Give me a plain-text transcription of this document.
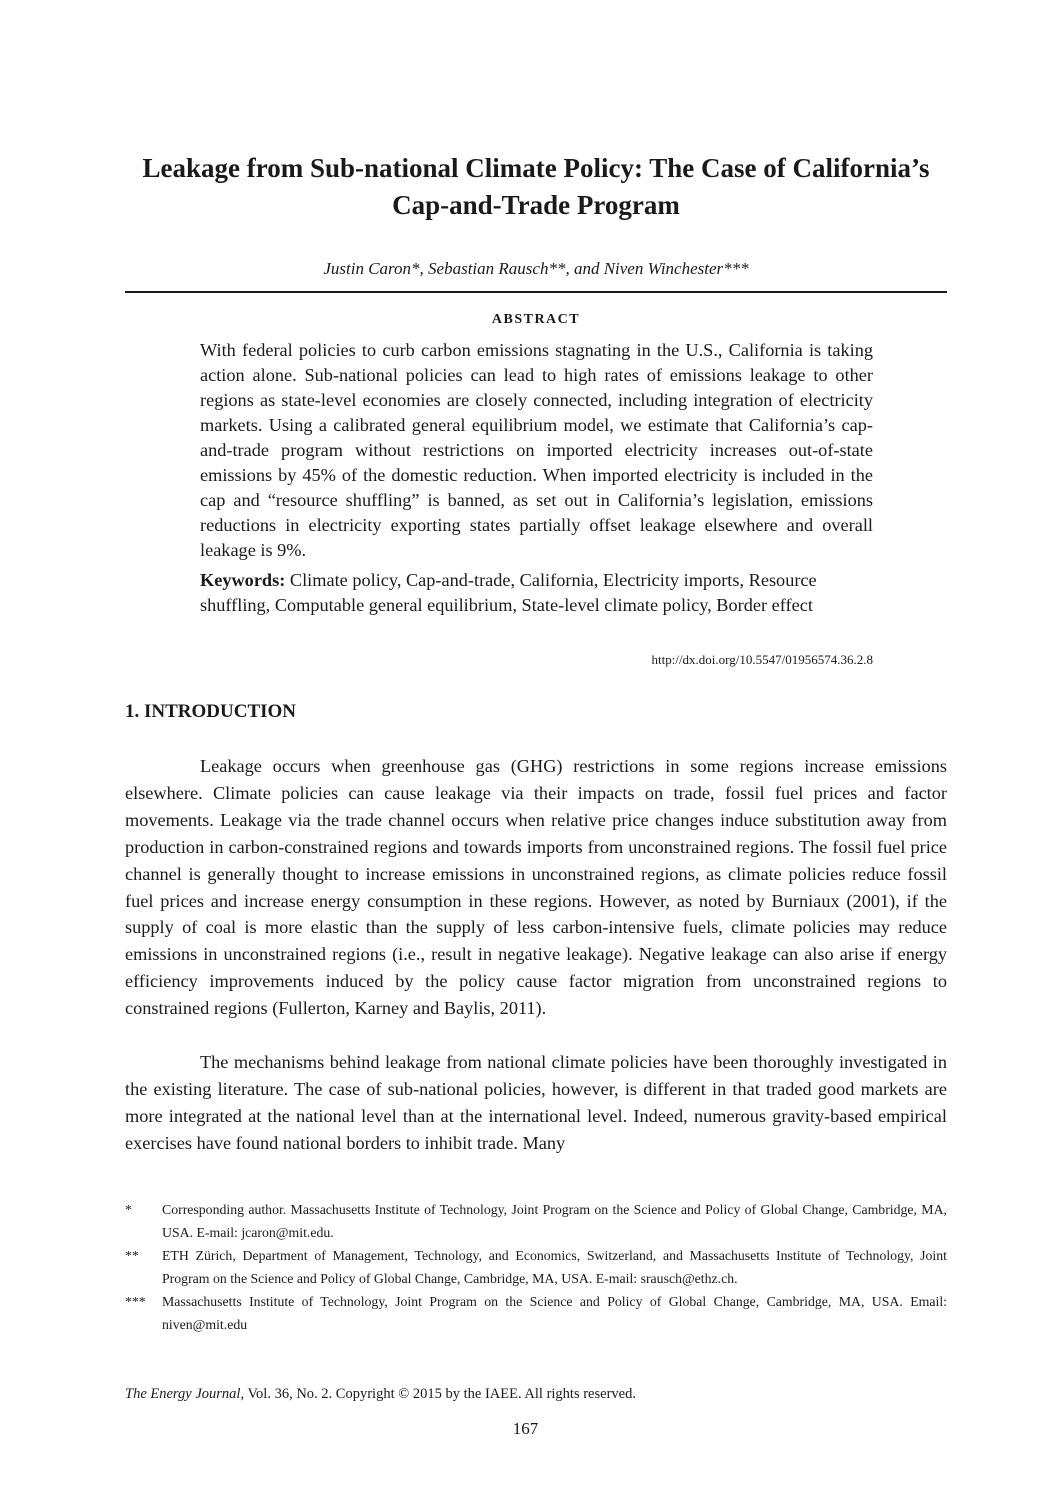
Leakage from Sub-national Climate Policy: The Case of California’s Cap-and-Trade Program
Justin Caron*, Sebastian Rausch**, and Niven Winchester***
ABSTRACT

With federal policies to curb carbon emissions stagnating in the U.S., California is taking action alone. Sub-national policies can lead to high rates of emissions leakage to other regions as state-level economies are closely connected, including integration of electricity markets. Using a calibrated general equilibrium model, we estimate that California’s cap-and-trade program without restrictions on imported electricity increases out-of-state emissions by 45% of the domestic reduction. When imported electricity is included in the cap and “resource shuffling” is banned, as set out in California’s legislation, emissions reductions in electricity exporting states partially offset leakage elsewhere and overall leakage is 9%.

Keywords: Climate policy, Cap-and-trade, California, Electricity imports, Resource shuffling, Computable general equilibrium, State-level climate policy, Border effect

http://dx.doi.org/10.5547/01956574.36.2.8
1. INTRODUCTION

Leakage occurs when greenhouse gas (GHG) restrictions in some regions increase emissions elsewhere. Climate policies can cause leakage via their impacts on trade, fossil fuel prices and factor movements. Leakage via the trade channel occurs when relative price changes induce substitution away from production in carbon-constrained regions and towards imports from unconstrained regions. The fossil fuel price channel is generally thought to increase emissions in unconstrained regions, as climate policies reduce fossil fuel prices and increase energy consumption in these regions. However, as noted by Burniaux (2001), if the supply of coal is more elastic than the supply of less carbon-intensive fuels, climate policies may reduce emissions in unconstrained regions (i.e., result in negative leakage). Negative leakage can also arise if energy efficiency improvements induced by the policy cause factor migration from unconstrained regions to constrained regions (Fullerton, Karney and Baylis, 2011).

The mechanisms behind leakage from national climate policies have been thoroughly investigated in the existing literature. The case of sub-national policies, however, is different in that traded good markets are more integrated at the national level than at the international level. Indeed, numerous gravity-based empirical exercises have found national borders to inhibit trade. Many

*	Corresponding author. Massachusetts Institute of Technology, Joint Program on the Science and Policy of Global Change, Cambridge, MA, USA. E-mail: jcaron@mit.edu.
**	ETH Zürich, Department of Management, Technology, and Economics, Switzerland, and Massachusetts Institute of Technology, Joint Program on the Science and Policy of Global Change, Cambridge, MA, USA. E-mail: srausch@ethz.ch.
***	Massachusetts Institute of Technology, Joint Program on the Science and Policy of Global Change, Cambridge, MA, USA. Email: niven@mit.edu
The Energy Journal, Vol. 36, No. 2. Copyright © 2015 by the IAEE. All rights reserved.
167
